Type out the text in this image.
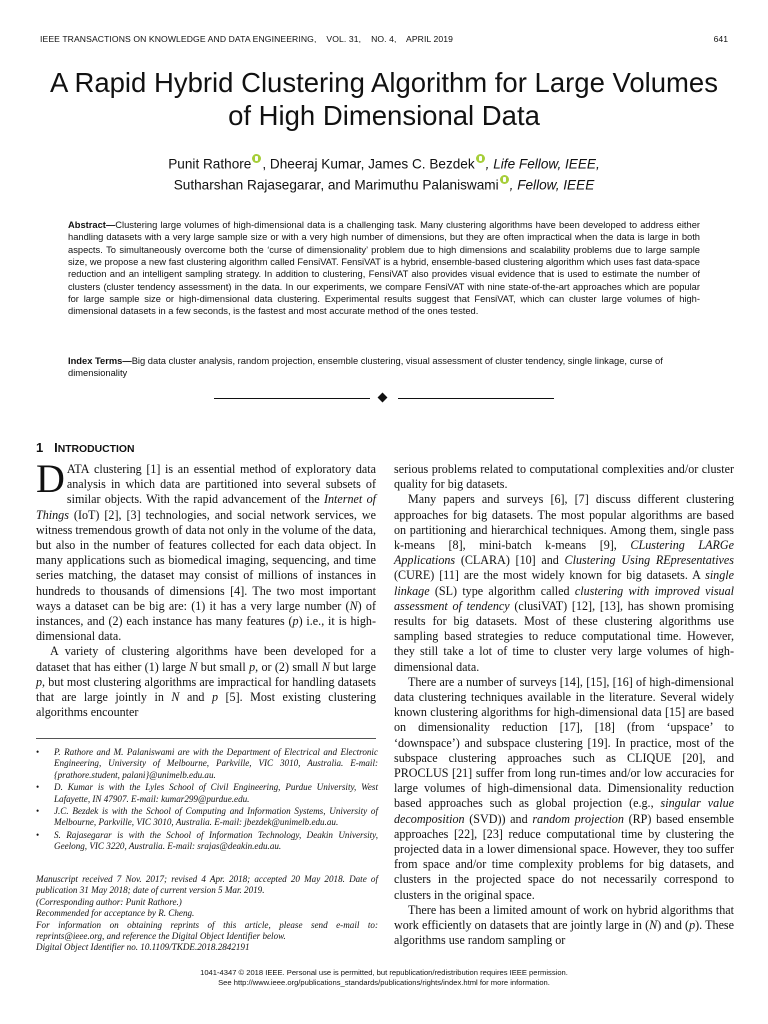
IEEE TRANSACTIONS ON KNOWLEDGE AND DATA ENGINEERING, VOL. 31, NO. 4, APRIL 2019	641
A Rapid Hybrid Clustering Algorithm for Large Volumes of High Dimensional Data
Punit Rathore , Dheeraj Kumar, James C. Bezdek , Life Fellow, IEEE,
Sutharshan Rajasegarar, and Marimuthu Palaniswami , Fellow, IEEE
Abstract—Clustering large volumes of high-dimensional data is a challenging task. Many clustering algorithms have been developed to address either handling datasets with a very large sample size or with a very high number of dimensions, but they are often impractical when the data is large in both aspects. To simultaneously overcome both the ‘curse of dimensionality’ problem due to high dimensions and scalability problems due to large sample size, we propose a new fast clustering algorithm called FensiVAT. FensiVAT is a hybrid, ensemble-based clustering algorithm which uses fast data-space reduction and an intelligent sampling strategy. In addition to clustering, FensiVAT also provides visual evidence that is used to estimate the number of clusters (cluster tendency assessment) in the data. In our experiments, we compare FensiVAT with nine state-of-the-art approaches which are popular for large sample size or high-dimensional data clustering. Experimental results suggest that FensiVAT, which can cluster large volumes of high-dimensional datasets in a few seconds, is the fastest and most accurate method of the ones tested.
Index Terms—Big data cluster analysis, random projection, ensemble clustering, visual assessment of cluster tendency, single linkage, curse of dimensionality
1 INTRODUCTION

DATA clustering [1] is an essential method of exploratory data analysis in which data are partitioned into several subsets of similar objects. With the rapid advancement of the Internet of Things (IoT) [2], [3] technologies, and social network services, we witness tremendous growth of data not only in the volume of the data, but also in the number of features collected for each data object. In many applications such as biomedical imaging, sequencing, and time series matching, the dataset may consist of millions of instances in hundreds to thousands of dimensions [4]. The two most important ways a dataset can be big are: (1) it has a very large number (N) of instances, and (2) each instance has many features (p) i.e., it is high-dimensional data.

A variety of clustering algorithms have been developed for a dataset that has either (1) large N but small p, or (2) small N but large p, but most clustering algorithms are impractical for handling datasets that are large jointly in N and p [5]. Most existing clustering algorithms encounter

•	P. Rathore and M. Palaniswami are with the Department of Electrical and Electronic Engineering, University of Melbourne, Parkville, VIC 3010, Australia. E-mail: {prathore.student, palani}@unimelb.edu.au.
•	D. Kumar is with the Lyles School of Civil Engineering, Purdue University, West Lafayette, IN 47907. E-mail: kumar299@purdue.edu.
•	J.C. Bezdek is with the School of Computing and Information Systems, University of Melbourne, Parkville, VIC 3010, Australia. E-mail: jbezdek@unimelb.edu.au.
•	S. Rajasegarar is with the School of Information Technology, Deakin University, Geelong, VIC 3220, Australia. E-mail: srajas@deakin.edu.au.
Manuscript received 7 Nov. 2017; revised 4 Apr. 2018; accepted 20 May 2018. Date of publication 31 May 2018; date of current version 5 Mar. 2019.
(Corresponding author: Punit Rathore.)
Recommended for acceptance by R. Cheng.
For information on obtaining reprints of this article, please send e-mail to: reprints@ieee.org, and reference the Digital Object Identifier below.
Digital Object Identifier no. 10.1109/TKDE.2018.2842191

serious problems related to computational complexities and/or cluster quality for big datasets.

Many papers and surveys [6], [7] discuss different clustering approaches for big datasets. The most popular algorithms are based on partitioning and hierarchical techniques. Among them, single pass k-means [8], mini-batch k-means [9], CLustering LARGe Applications (CLARA) [10] and Clustering Using REpresentatives (CURE) [11] are the most widely known for big datasets. A single linkage (SL) type algorithm called clustering with improved visual assessment of tendency (clusiVAT) [12], [13], has shown promising results for big datasets. Most of these clustering algorithms use sampling based strategies to reduce computational time. However, they still take a lot of time to cluster very large volumes of high-dimensional data.

There are a number of surveys [14], [15], [16] of high-dimensional data clustering techniques available in the literature. Several widely known clustering algorithms for high-dimensional data [15] are based on dimensionality reduction [17], [18] (from ‘upspace’ to ‘downspace’) and subspace clustering [19]. In practice, most of the subspace clustering approaches such as CLIQUE [20], and PROCLUS [21] suffer from long run-times and/or low accuracies for large volumes of high-dimensional data. Dimensionality reduction based approaches such as global projection (e.g., singular value decomposition (SVD)) and random projection (RP) based ensemble approaches [22], [23] reduce computational time by clustering the projected data in a lower dimensional space. However, they too suffer from space and/or time complexity problems for big datasets, and clusters in the projected space do not necessarily correspond to clusters in the original space.

There has been a limited amount of work on hybrid algorithms that work efficiently on datasets that are jointly large in (N) and (p). These algorithms use random sampling or

1041-4347 © 2018 IEEE. Personal use is permitted, but republication/redistribution requires IEEE permission.
See http://www.ieee.org/publications_standards/publications/rights/index.html for more information.
